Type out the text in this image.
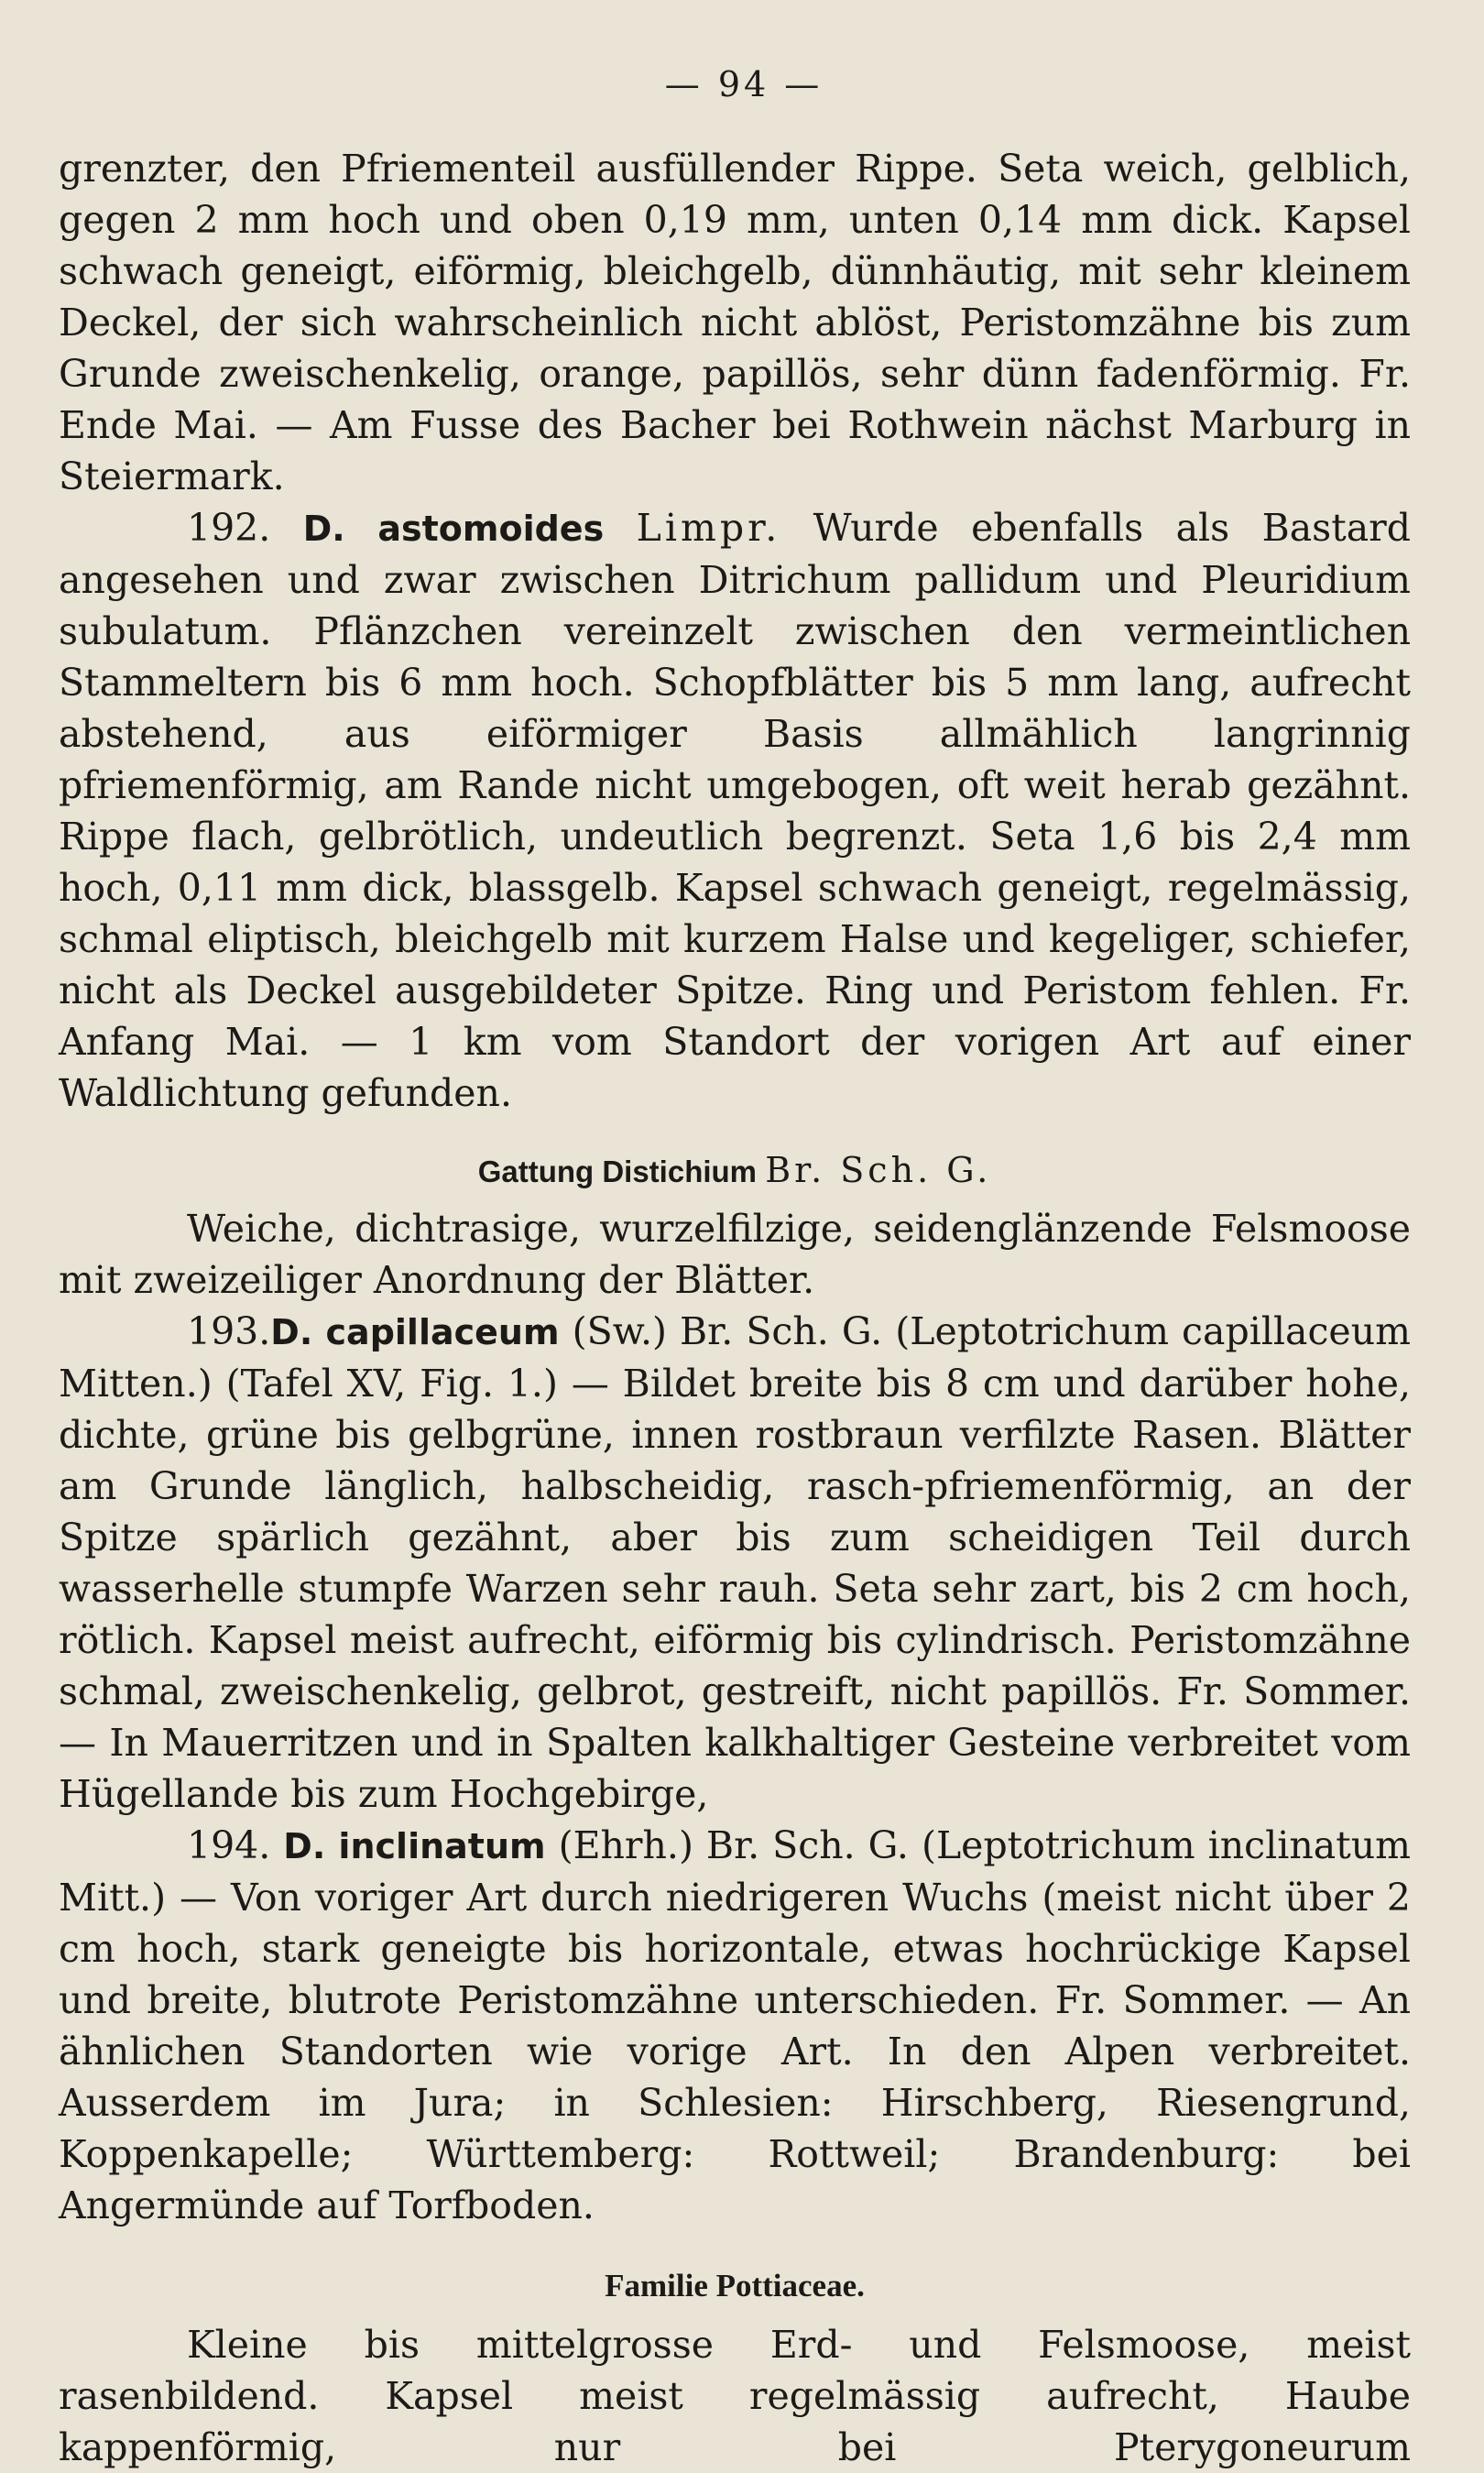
— 94 —

grenzter, den Pfriementeil ausfüllender Rippe. Seta weich, gelblich, gegen 2 mm hoch und oben 0,19 mm, unten 0,14 mm dick. Kapsel schwach geneigt, eiförmig, bleichgelb, dünnhäutig, mit sehr kleinem Deckel, der sich wahrscheinlich nicht ablöst, Peristomzähne bis zum Grunde zweischenkelig, orange, papillös, sehr dünn fadenförmig. Fr. Ende Mai. — Am Fusse des Bacher bei Rothwein nächst Marburg in Steiermark.

192. D. astomoides Limpr. Wurde ebenfalls als Bastard angesehen und zwar zwischen Ditrichum pallidum und Pleuridium subulatum. Pflänzchen vereinzelt zwischen den vermeintlichen Stammeltern bis 6 mm hoch. Schopfblätter bis 5 mm lang, aufrecht abstehend, aus eiförmiger Basis allmählich langrinnig pfriemenförmig, am Rande nicht umgebogen, oft weit herab gezähnt. Rippe flach, gelbrötlich, undeutlich begrenzt. Seta 1,6 bis 2,4 mm hoch, 0,11 mm dick, blassgelb. Kapsel schwach geneigt, regelmässig, schmal eliptisch, bleichgelb mit kurzem Halse und kegeliger, schiefer, nicht als Deckel ausgebildeter Spitze. Ring und Peristom fehlen. Fr. Anfang Mai. — 1 km vom Standort der vorigen Art auf einer Waldlichtung gefunden.

Gattung Distichium Br. Sch. G.

Weiche, dichtrasige, wurzelfilzige, seidenglänzende Felsmoose mit zweizeiliger Anordnung der Blätter.

193.D. capillaceum (Sw.) Br. Sch. G. (Leptotrichum capillaceum Mitten.) (Tafel XV, Fig. 1.) — Bildet breite bis 8 cm und darüber hohe, dichte, grüne bis gelbgrüne, innen rostbraun verfilzte Rasen. Blätter am Grunde länglich, halbscheidig, rasch-pfriemenförmig, an der Spitze spärlich gezähnt, aber bis zum scheidigen Teil durch wasserhelle stumpfe Warzen sehr rauh. Seta sehr zart, bis 2 cm hoch, rötlich. Kapsel meist aufrecht, eiförmig bis cylindrisch. Peristomzähne schmal, zweischenkelig, gelbrot, gestreift, nicht papillös. Fr. Sommer. — In Mauerritzen und in Spalten kalkhaltiger Gesteine verbreitet vom Hügellande bis zum Hochgebirge,

194. D. inclinatum (Ehrh.) Br. Sch. G. (Leptotrichum inclinatum Mitt.) — Von voriger Art durch niedrigeren Wuchs (meist nicht über 2 cm hoch, stark geneigte bis horizontale, etwas hochrückige Kapsel und breite, blutrote Peristomzähne unterschieden. Fr. Sommer. — An ähnlichen Standorten wie vorige Art. In den Alpen verbreitet. Ausserdem im Jura; in Schlesien: Hirschberg, Riesengrund, Koppenkapelle; Württemberg: Rottweil; Brandenburg: bei Angermünde auf Torfboden.

Familie Pottiaceae.

Kleine bis mittelgrosse Erd- und Felsmoose, meist rasenbildend. Kapsel meist regelmässig aufrecht, Haube kappenförmig, nur bei Pterygoneurum
